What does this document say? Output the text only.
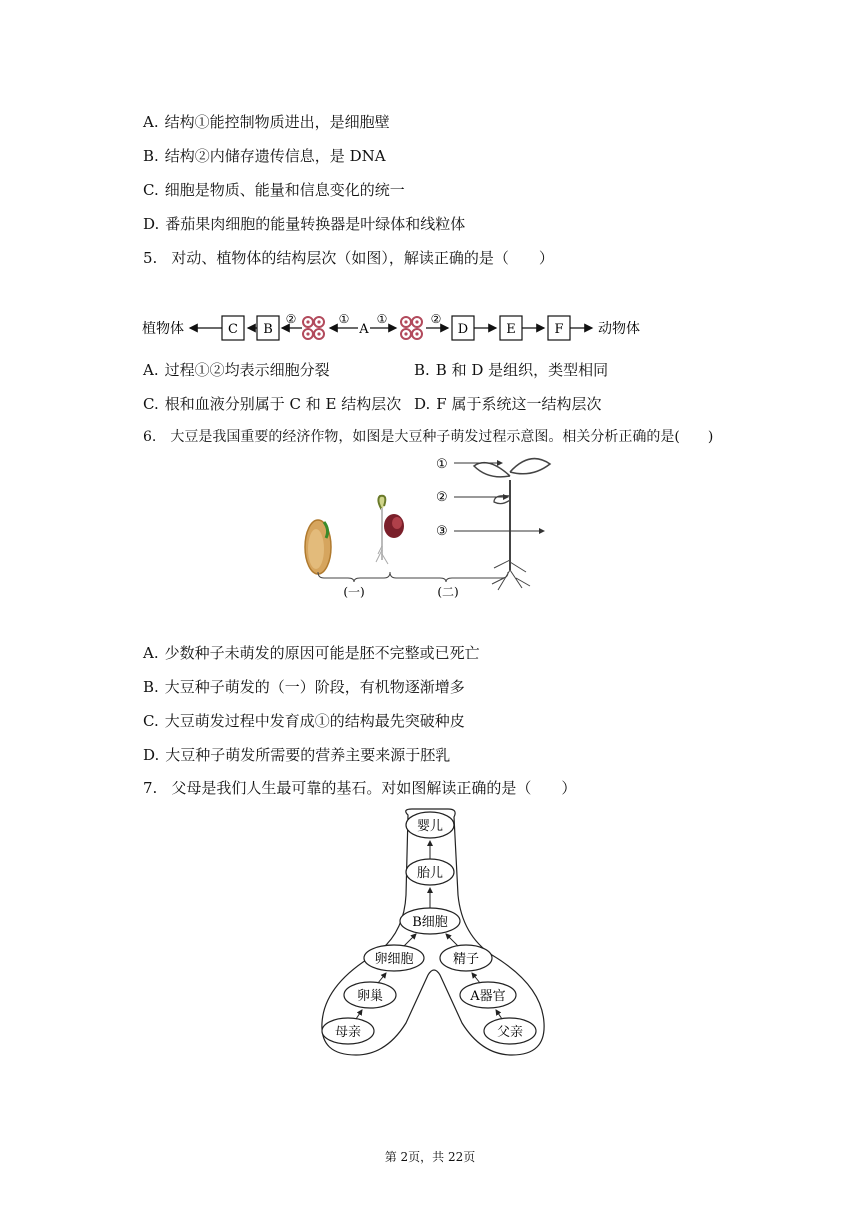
A. 结构①能控制物质进出，是细胞壁
B. 结构②内储存遗传信息，是 DNA
C. 细胞是物质、能量和信息变化的统一
D. 番茄果肉细胞的能量转换器是叶绿体和线粒体
5. 对动、植物体的结构层次（如图），解读正确的是（　　）
植物体	C B
②	①
A
①	②
D	E	F 动物体
A. 过程①②均表示细胞分裂	B. B 和 D 是组织，类型相同
C. 根和血液分别属于 C 和 E 结构层次 D. F 属于系统这一结构层次
6. 大豆是我国重要的经济作物，如图是大豆种子萌发过程示意图。相关分析正确的是(　　)
①
②
③
(一)	(二)
A. 少数种子未萌发的原因可能是胚不完整或已死亡
B. 大豆种子萌发的（一）阶段，有机物逐渐增多
C. 大豆萌发过程中发育成①的结构最先突破种皮
D. 大豆种子萌发所需要的营养主要来源于胚乳
7. 父母是我们人生最可靠的基石。对如图解读正确的是（　　）
婴儿
胎儿
B细胞
卵细胞	精子
卵巢	A器官
母亲	父亲
第 2页，共 22页
